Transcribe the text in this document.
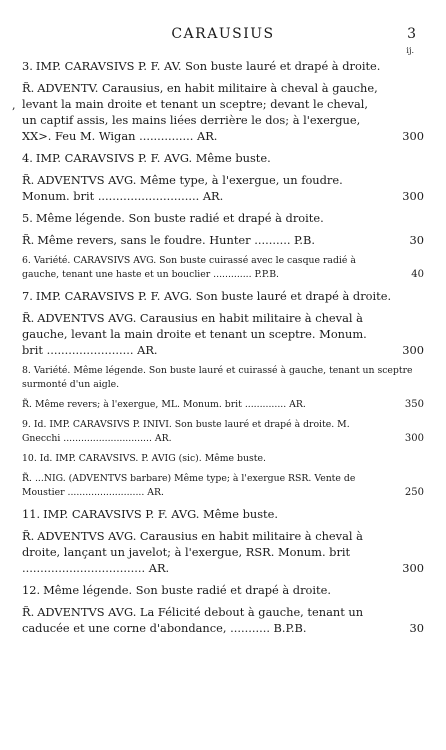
CARAUSIUS	3
ij.
3. IMP. CARAVSIVS P. F. AV. Son buste lauré et drapé à droite.
,
R̃. ADVENTV. Carausius, en habit militaire à cheval à gauche, levant la main droite et tenant un sceptre; devant le cheval, un captif assis, les mains liées derrière le dos; à l'exergue, XX>. Feu M. Wigan ............... AR.	300
4. IMP. CARAVSIVS P. F. AVG. Même buste.
R̃. ADVENTVS AVG. Même type, à l'exergue, un foudre. Monum. brit ............................ AR.	300
5. Même légende. Son buste radié et drapé à droite.
R̃. Même revers, sans le foudre. Hunter .......... P.B.	30
6. Variété. CARAVSIVS AVG. Son buste cuirassé avec le casque radié à gauche, tenant une haste et un bouclier ............. P.P.B.	40
7. IMP. CARAVSIVS P. F. AVG. Son buste lauré et drapé à droite.
R̃. ADVENTVS AVG. Carausius en habit militaire à cheval à gauche, levant la main droite et tenant un sceptre. Monum. brit ........................ AR.	300
8. Variété. Même légende. Son buste lauré et cuirassé à gauche, tenant un sceptre surmonté d'un aigle.
R̃. Même revers; à l'exergue, ML. Monum. brit .............. AR.	350
9. Id. IMP. CARAVSIVS P. INIVI. Son buste lauré et drapé à droite. M. Gnecchi .............................. AR.	300
10. Id. IMP. CARAVSIVS. P. AVIG (sic). Même buste.
R̃. ...NIG. (ADVENTVS barbare) Même type; à l'exergue RSR. Vente de Moustier .......................... AR.	250
11. IMP. CARAVSIVS P. F. AVG. Même buste.
R̃. ADVENTVS AVG. Carausius en habit militaire à cheval à droite, lançant un javelot; à l'exergue, RSR. Monum. brit .................................. AR.	300
12. Même légende. Son buste radié et drapé à droite.
R̃. ADVENTVS AVG. La Félicité debout à gauche, tenant un caducée et une corne d'abondance, ........... B.P.B.	30
